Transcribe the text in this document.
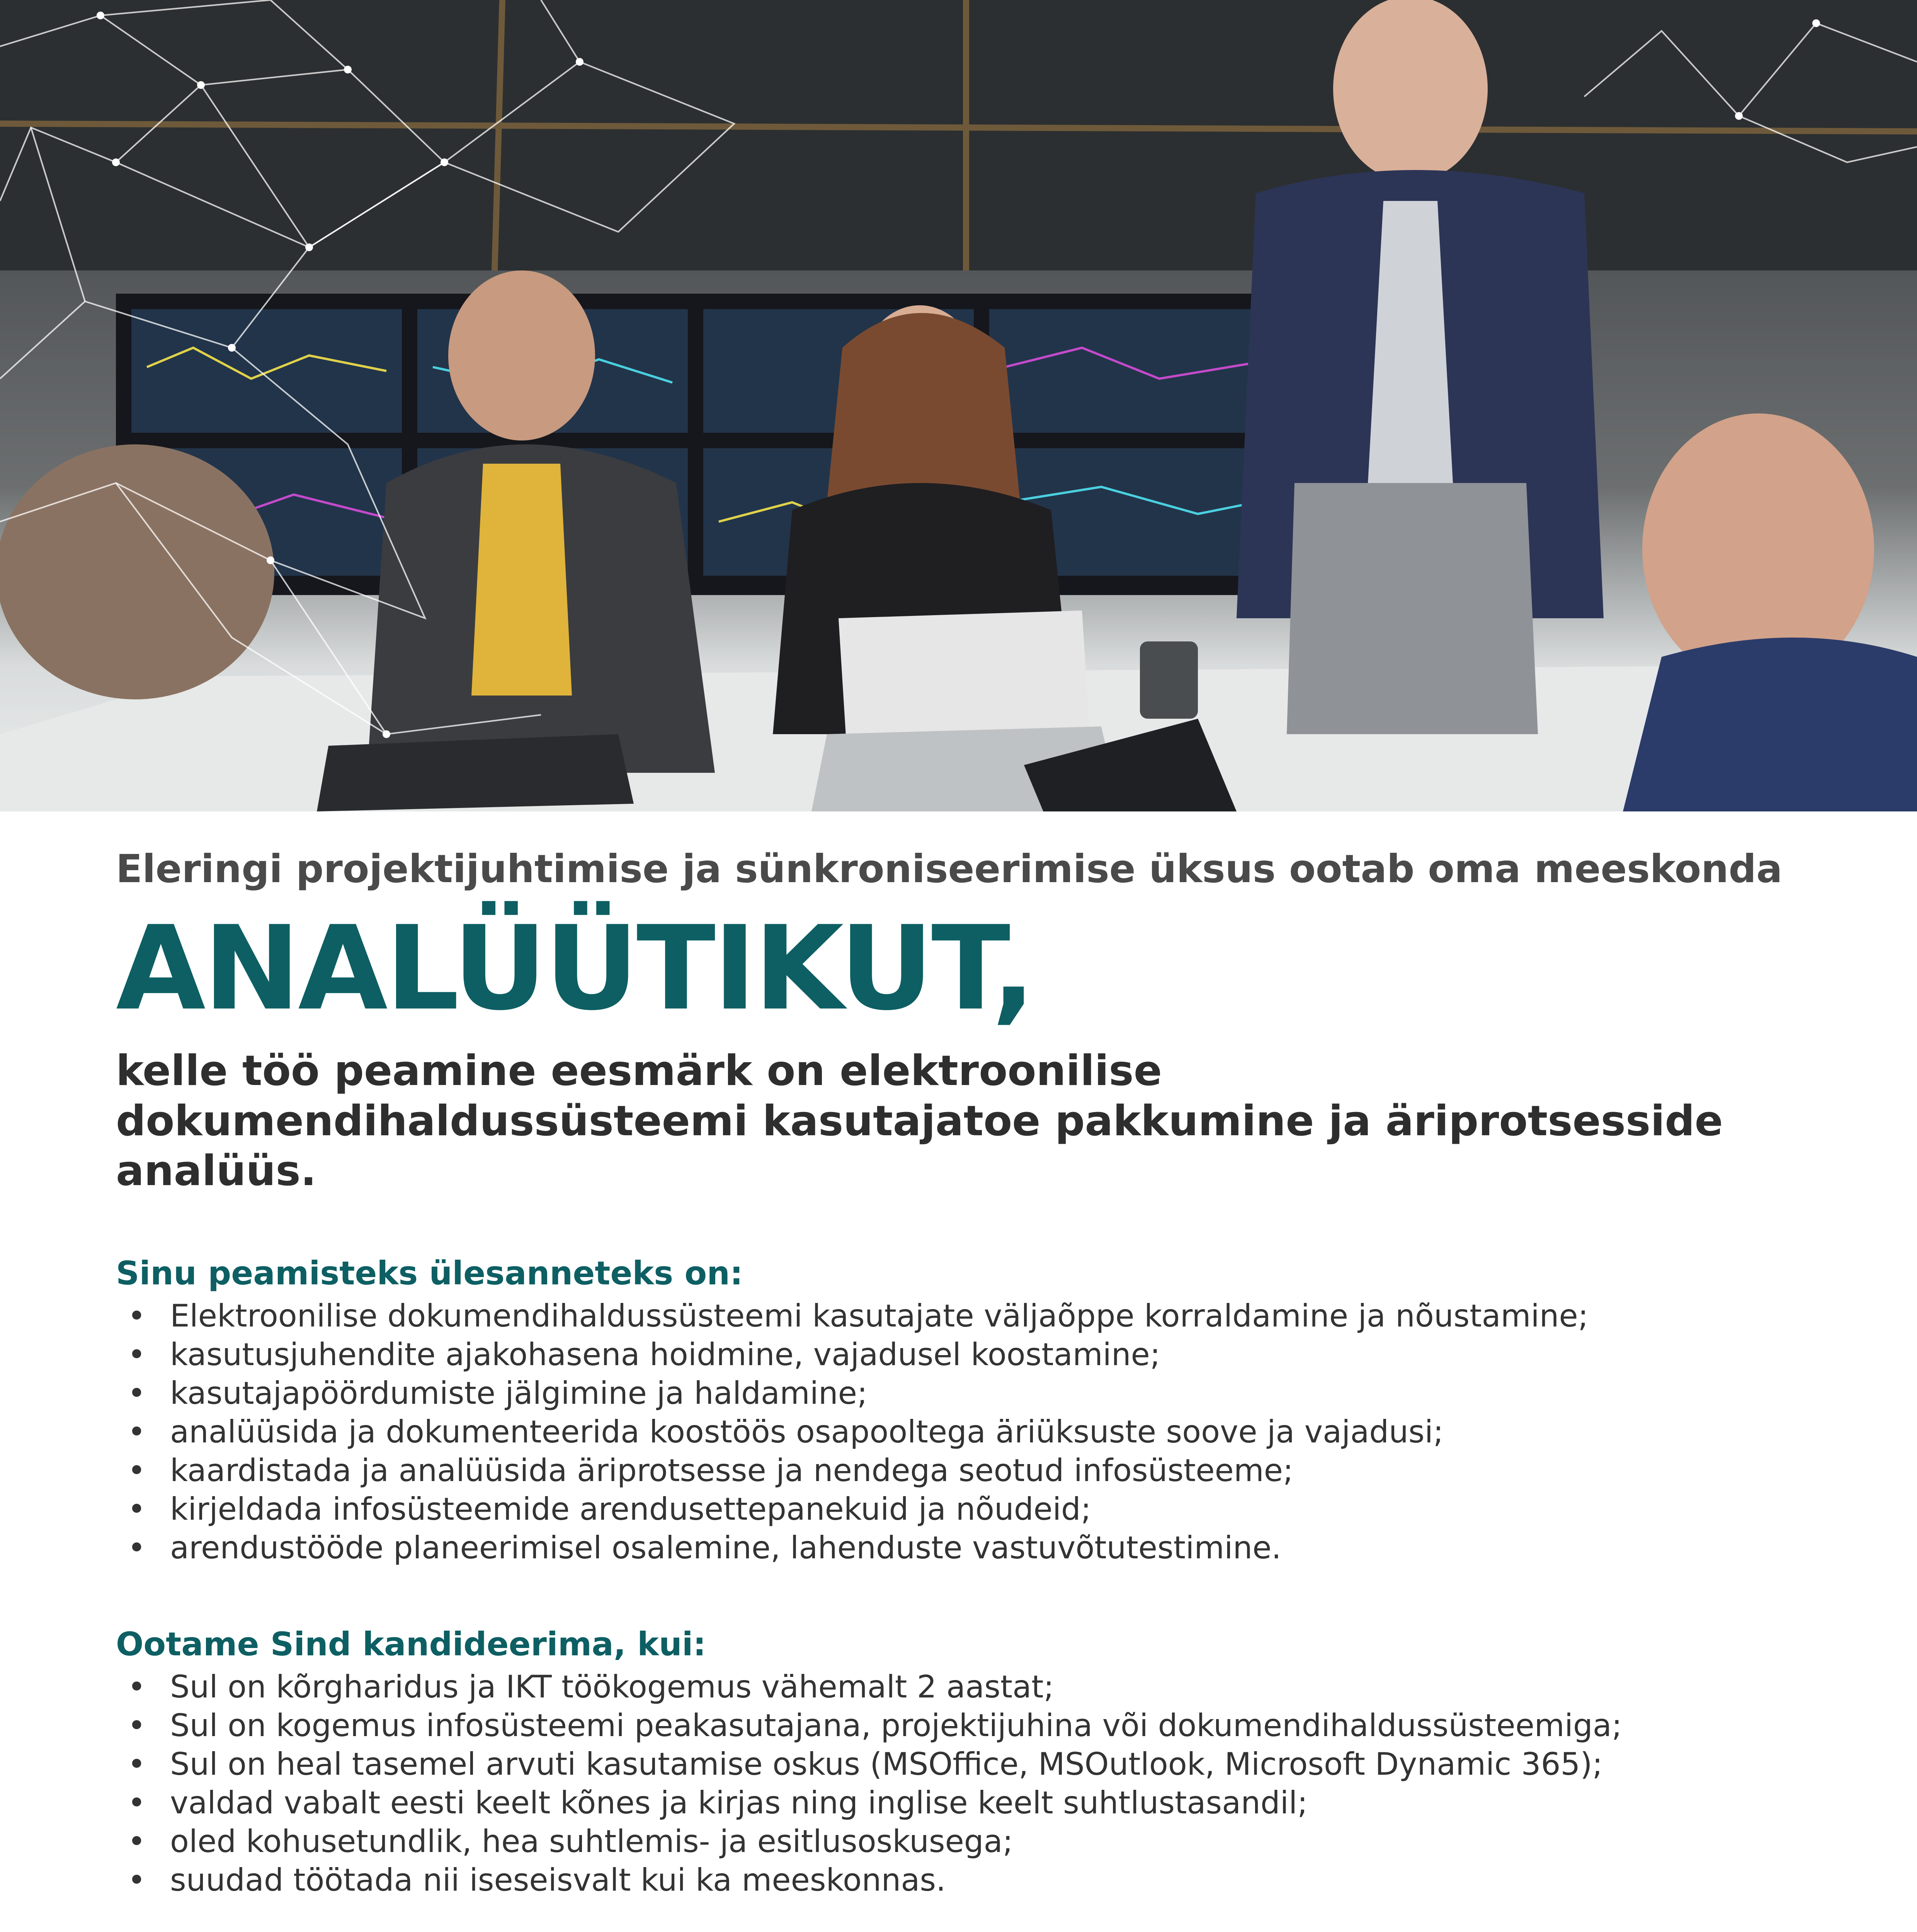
Eleringi projektijuhtimise ja sünkroniseerimise üksus ootab oma meeskonda
ANALÜÜTIKUT,
kelle töö peamine eesmärk on elektroonilise dokumendihaldussüsteemi kasutajatoe pakkumine ja äriprotsesside analüüs.
Sinu peamisteks ülesanneteks on:
• Elektroonilise dokumendihaldussüsteemi kasutajate väljaõppe korraldamine ja nõustamine;
• kasutusjuhendite ajakohasena hoidmine, vajadusel koostamine;
• kasutajapöördumiste jälgimine ja haldamine;
• analüüsida ja dokumenteerida koostöös osapooltega äriüksuste soove ja vajadusi;
• kaardistada ja analüüsida äriprotsesse ja nendega seotud infosüsteeme;
• kirjeldada infosüsteemide arendusettepanekuid ja nõudeid;
• arendustööde planeerimisel osalemine, lahenduste vastuvõtutestimine.
Ootame Sind kandideerima, kui:
• Sul on kõrgharidus ja IKT töökogemus vähemalt 2 aastat;
• Sul on kogemus infosüsteemi peakasutajana, projektijuhina või dokumendihaldussüsteemiga;
• Sul on heal tasemel arvuti kasutamise oskus (MSOffice, MSOutlook, Microsoft Dynamic 365);
• valdad vabalt eesti keelt kõnes ja kirjas ning inglise keelt suhtlustasandil;
• oled kohusetundlik, hea suhtlemis- ja esitlusoskusega;
• suudad töötada nii iseseisvalt kui ka meeskonnas.
